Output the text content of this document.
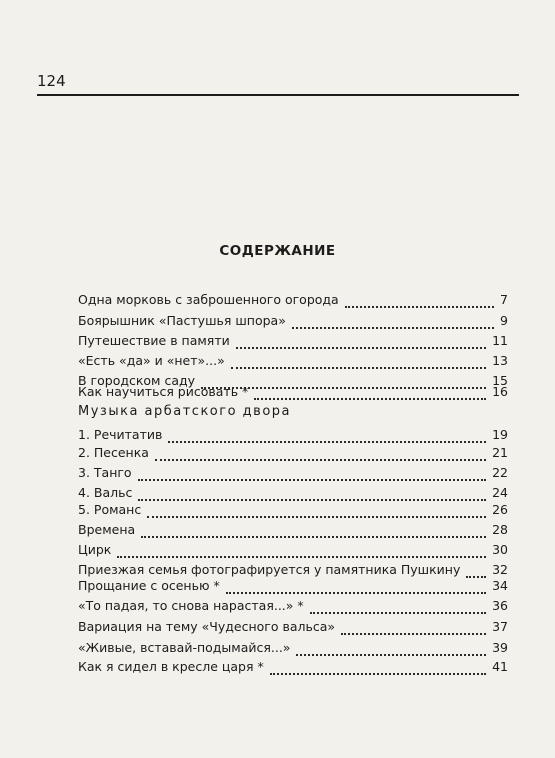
124
СОДЕРЖАНИЕ
Одна морковь с заброшенного огорода	7
Боярышник «Пастушья шпора»	9
Путешествие в памяти	11
«Есть «да» и «нет»...»	13
В городском саду	15
Как научиться рисовать *	16
Музыка арбатского двора
1. Речитатив	19
2. Песенка	21
3. Танго	22
4. Вальс	24
5. Романс	26
Времена	28
Цирк	30
Приезжая семья фотографируется у памятника Пушкину	32
Прощание с осенью *	34
«То падая, то снова нарастая...» *	36
Вариация на тему «Чудесного вальса»	37
«Живые, вставай-подымайся...»	39
Как я сидел в кресле царя *	41
